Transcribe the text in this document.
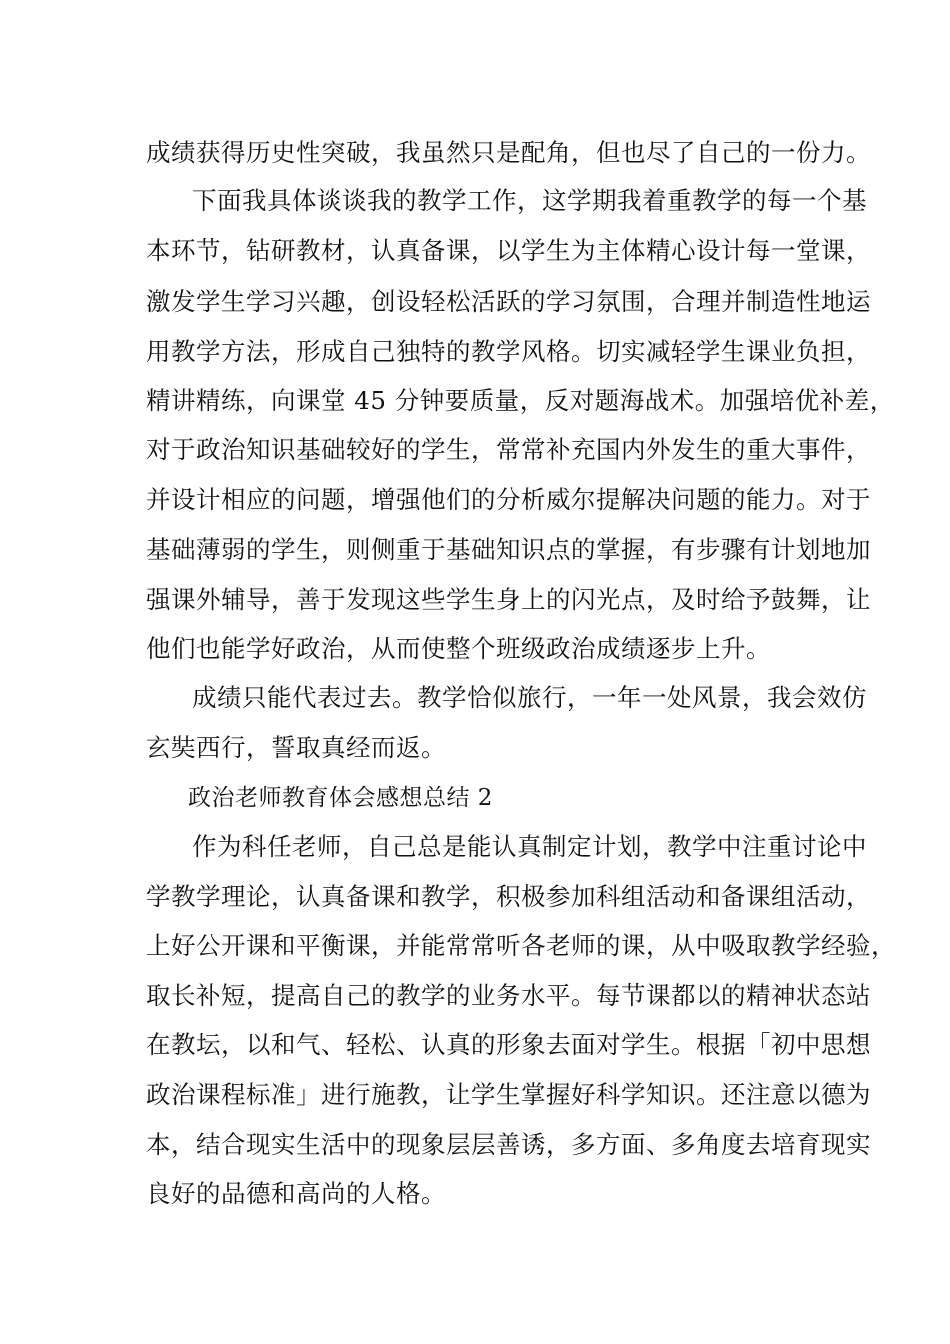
成绩获得历史性突破，我虽然只是配角，但也尽了自己的一份力。
下面我具体谈谈我的教学工作，这学期我着重教学的每一个基
本环节，钻研教材，认真备课，以学生为主体精心设计每一堂课，
激发学生学习兴趣，创设轻松活跃的学习氛围，合理并制造性地运
用教学方法，形成自己独特的教学风格。切实减轻学生课业负担，
精讲精练，向课堂 45 分钟要质量，反对题海战术。加强培优补差，
对于政治知识基础较好的学生，常常补充国内外发生的重大事件，
并设计相应的问题，增强他们的分析威尔提解决问题的能力。对于
基础薄弱的学生，则侧重于基础知识点的掌握，有步骤有计划地加
强课外辅导，善于发现这些学生身上的闪光点，及时给予鼓舞，让
他们也能学好政治，从而使整个班级政治成绩逐步上升。
成绩只能代表过去。教学恰似旅行，一年一处风景，我会效仿
玄奘西行，誓取真经而返。
政治老师教育体会感想总结 2
作为科任老师，自己总是能认真制定计划，教学中注重讨论中
学教学理论，认真备课和教学，积极参加科组活动和备课组活动，
上好公开课和平衡课，并能常常听各老师的课，从中吸取教学经验，
取长补短，提高自己的教学的业务水平。每节课都以的精神状态站
在教坛，以和气、轻松、认真的形象去面对学生。根据「初中思想
政治课程标准」进行施教，让学生掌握好科学知识。还注意以德为
本，结合现实生活中的现象层层善诱，多方面、多角度去培育现实
良好的品德和高尚的人格。
